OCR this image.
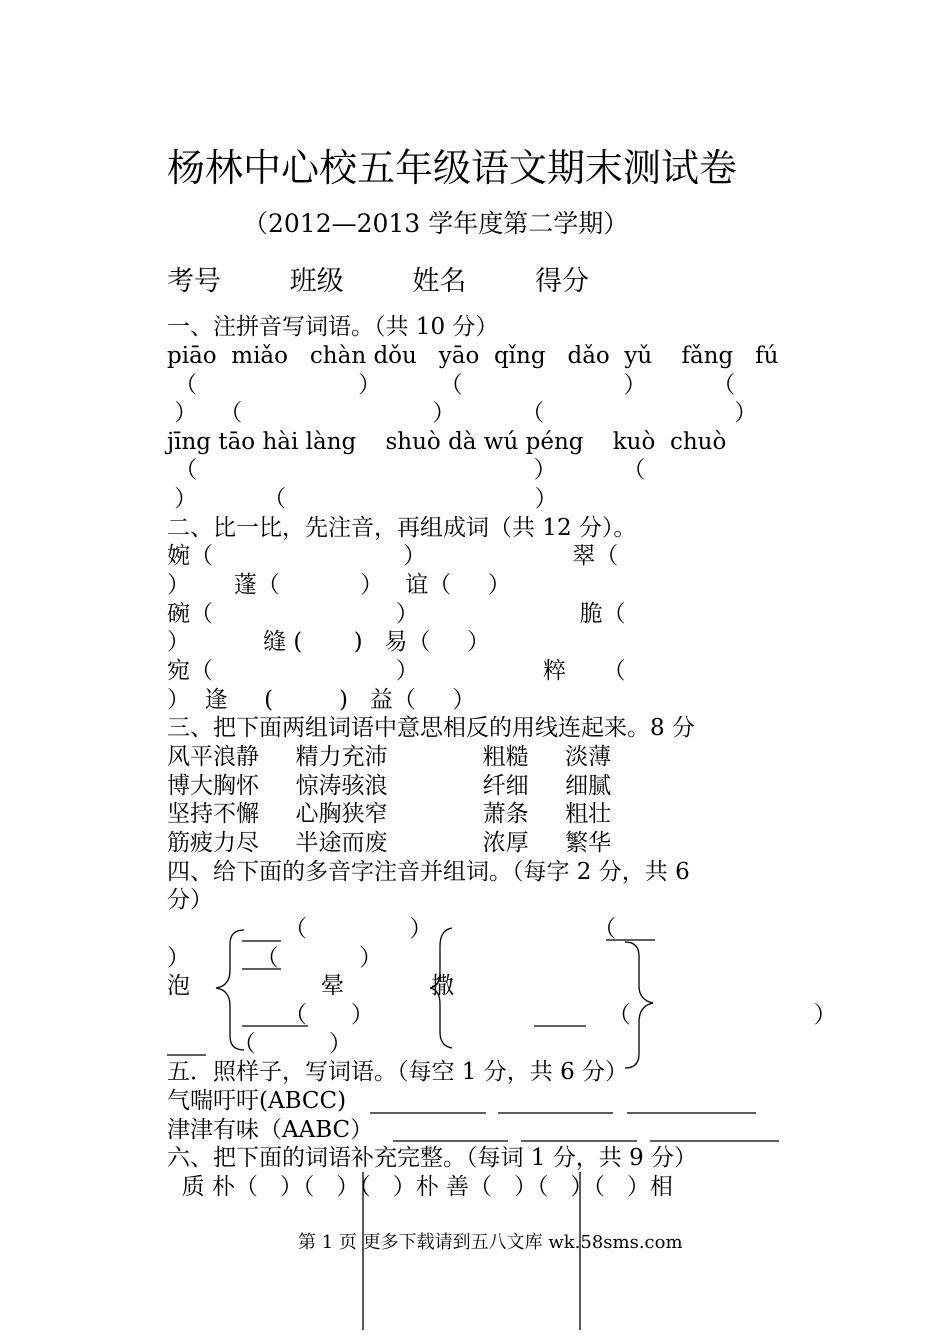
杨林中心校五年级语文期末测试卷
（2012—2013 学年度第二学期）
考号        班级        姓名        得分
一、注拼音写词语。（共 10 分）
piāo  miǎo   chàn dǒu   yāo  qǐng   dǎo  yǔ    fǎng   fú
（                      ）        （                      ）         （
）   （                          ）         （                          ）
jīng tāo hài làng    shuò dà wú péng    kuò  chuò
（                                              ）         （
）         （                                  ）
二、比一比，先注音，再组成词（共 12 分）。
婉（                          ）                    翠（
）      蓬（           ）   谊（     ）
碗（                         ）                      脆（
）          缝 (       )   易（     ）
宛（                         ）                 粹     （
）  逢     (         )   益（     ）
三、把下面两组词语中意思相反的用线连起来。8 分
风平浪静     精力充沛             粗糙     淡薄
博大胸怀     惊涛骇浪             纤细     细腻
坚持不懈     心胸狭窄             萧条     粗壮
筋疲力尽     半途而废             浓厚     繁华
四、给下面的多音字注音并组词。（每字 2 分，共 6
分）
（              ）                      （
）         （           ）
泡	晕	撒
（      ）                                （                         ）
（          ）
五．照样子，写词语。（每空 1 分，共 6 分）
气喘吁吁(ABCC)
津津有味（AABC）
六、把下面的词语补充完整。（每词 1 分，共 9 分）
质 朴（   ）（   ）（   ）朴 善（   ）（   ）（   ）相
第 1 页 更多下载请到五八文库 wk.58sms.com
